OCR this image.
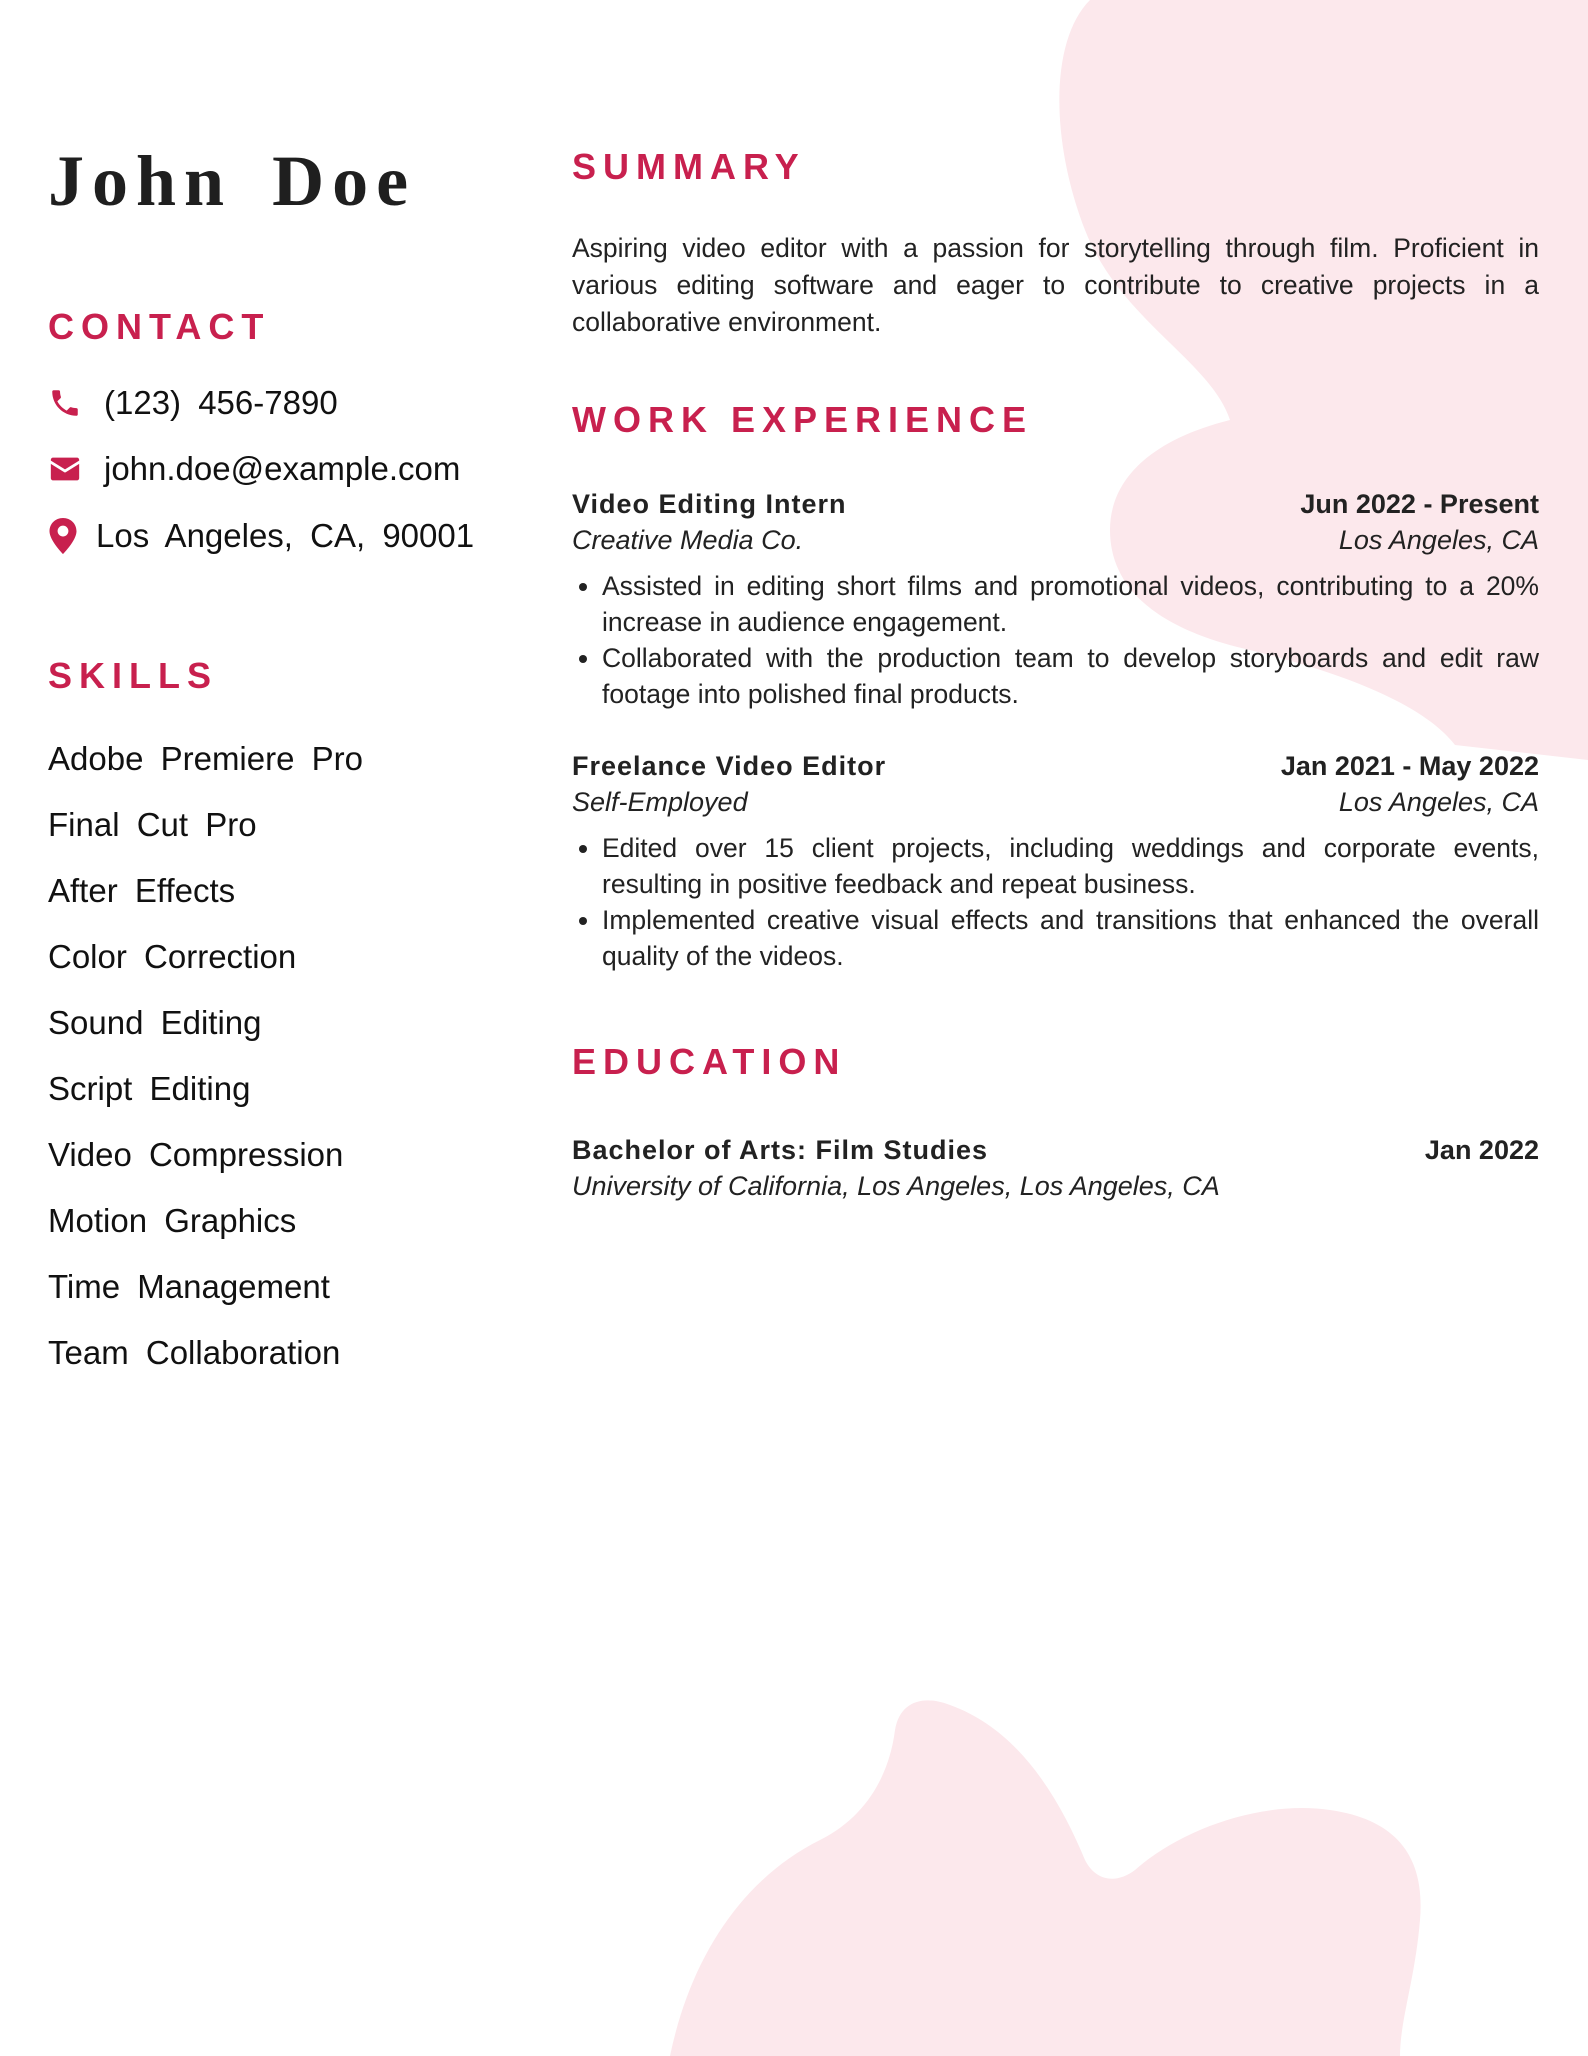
John Doe
CONTACT
(123) 456-7890
john.doe@example.com
Los Angeles, CA, 90001
SKILLS
Adobe Premiere Pro
Final Cut Pro
After Effects
Color Correction
Sound Editing
Script Editing
Video Compression
Motion Graphics
Time Management
Team Collaboration
SUMMARY

Aspiring video editor with a passion for storytelling through film. Proficient in various editing software and eager to contribute to creative projects in a collaborative environment.

WORK EXPERIENCE
Video Editing Intern	Jun 2022 - Present
Creative Media Co.	Los Angeles, CA
• Assisted in editing short films and promotional videos, contributing to a 20% increase in audience engagement.
• Collaborated with the production team to develop storyboards and edit raw footage into polished final products.
Freelance Video Editor	Jan 2021 - May 2022
Self-Employed	Los Angeles, CA
• Edited over 15 client projects, including weddings and corporate events, resulting in positive feedback and repeat business.
• Implemented creative visual effects and transitions that enhanced the overall quality of the videos.
EDUCATION
Bachelor of Arts: Film Studies	Jan 2022
University of California, Los Angeles, Los Angeles, CA
